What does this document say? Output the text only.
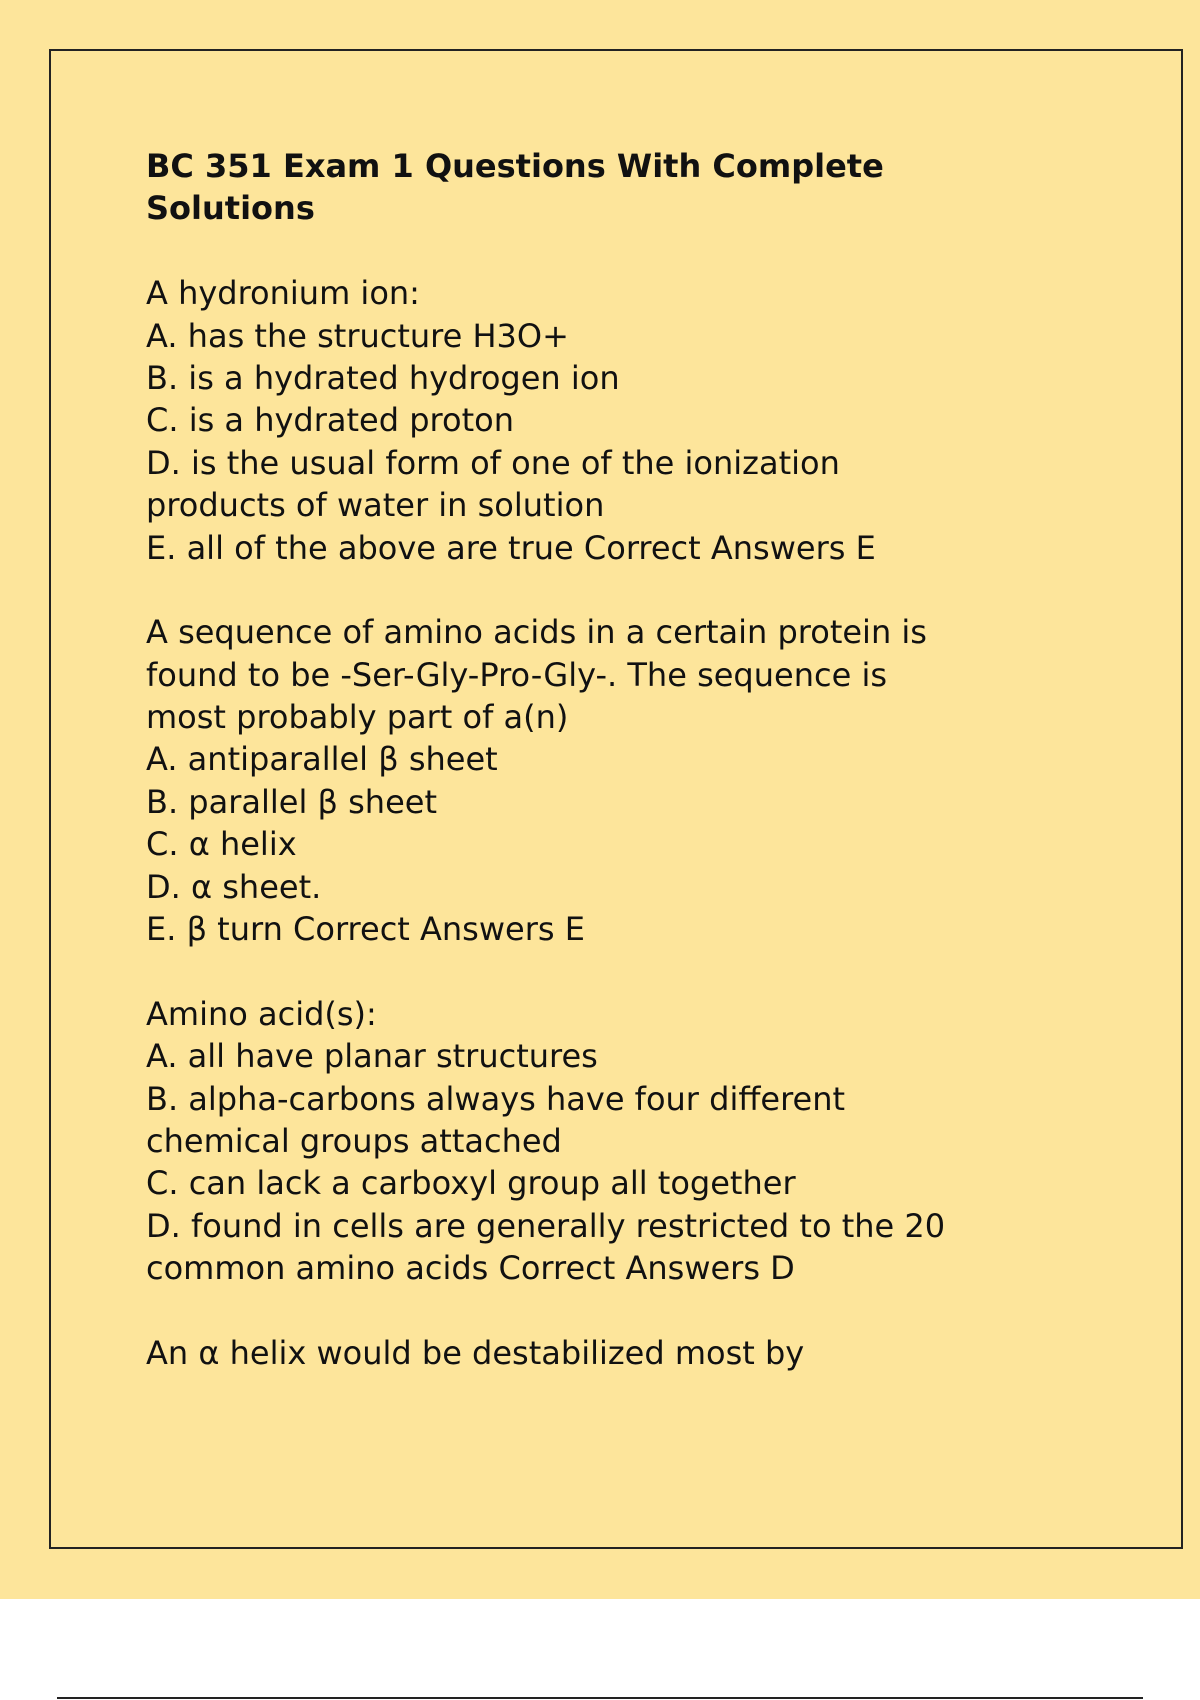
BC 351 Exam 1 Questions With Complete
Solutions
A hydronium ion:
A. has the structure H3O+
B. is a hydrated hydrogen ion
C. is a hydrated proton
D. is the usual form of one of the ionization
products of water in solution
E. all of the above are true Correct Answers E
A sequence of amino acids in a certain protein is
found to be -Ser-Gly-Pro-Gly-. The sequence is
most probably part of a(n)
A. antiparallel β sheet
B. parallel β sheet
C. α helix
D. α sheet.
E. β turn Correct Answers E
Amino acid(s):
A. all have planar structures
B. alpha-carbons always have four different
chemical groups attached
C. can lack a carboxyl group all together
D. found in cells are generally restricted to the 20
common amino acids Correct Answers D
An α helix would be destabilized most by
